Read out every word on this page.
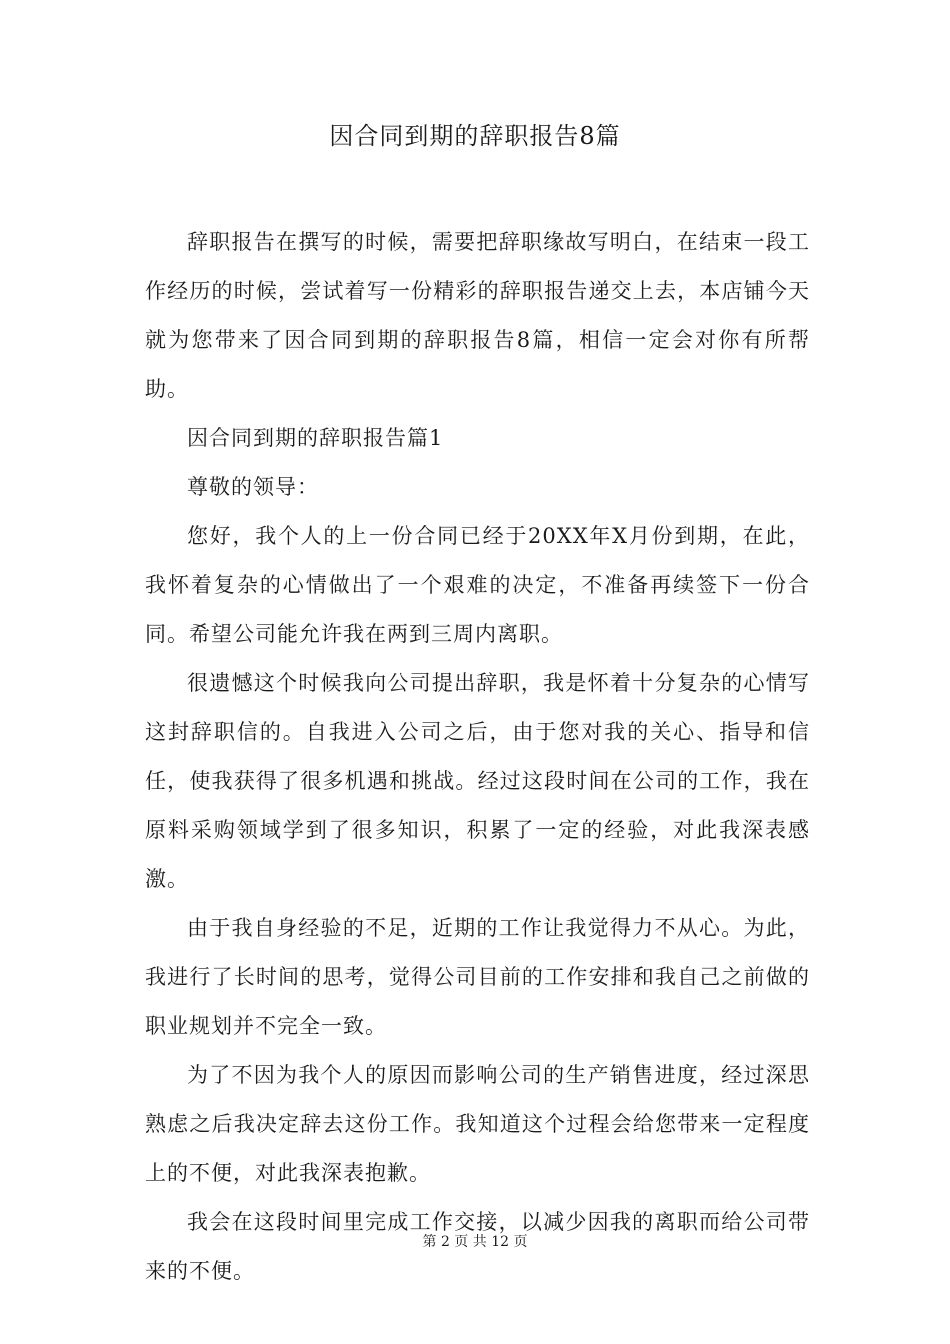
因合同到期的辞职报告8篇

辞职报告在撰写的时候，需要把辞职缘故写明白，在结束一段工作经历的时候，尝试着写一份精彩的辞职报告递交上去，本店铺今天就为您带来了因合同到期的辞职报告8篇，相信一定会对你有所帮助。

因合同到期的辞职报告篇1

尊敬的领导：

您好，我个人的上一份合同已经于20XX年X月份到期，在此，我怀着复杂的心情做出了一个艰难的决定，不准备再续签下一份合同。希望公司能允许我在两到三周内离职。

很遗憾这个时候我向公司提出辞职，我是怀着十分复杂的心情写这封辞职信的。自我进入公司之后，由于您对我的关心、指导和信任，使我获得了很多机遇和挑战。经过这段时间在公司的工作，我在原料采购领域学到了很多知识，积累了一定的经验，对此我深表感激。

由于我自身经验的不足，近期的工作让我觉得力不从心。为此，我进行了长时间的思考，觉得公司目前的工作安排和我自己之前做的职业规划并不完全一致。

为了不因为我个人的原因而影响公司的生产销售进度，经过深思熟虑之后我决定辞去这份工作。我知道这个过程会给您带来一定程度上的不便，对此我深表抱歉。

我会在这段时间里完成工作交接，以减少因我的离职而给公司带来的不便。

第 2 页 共 12 页
